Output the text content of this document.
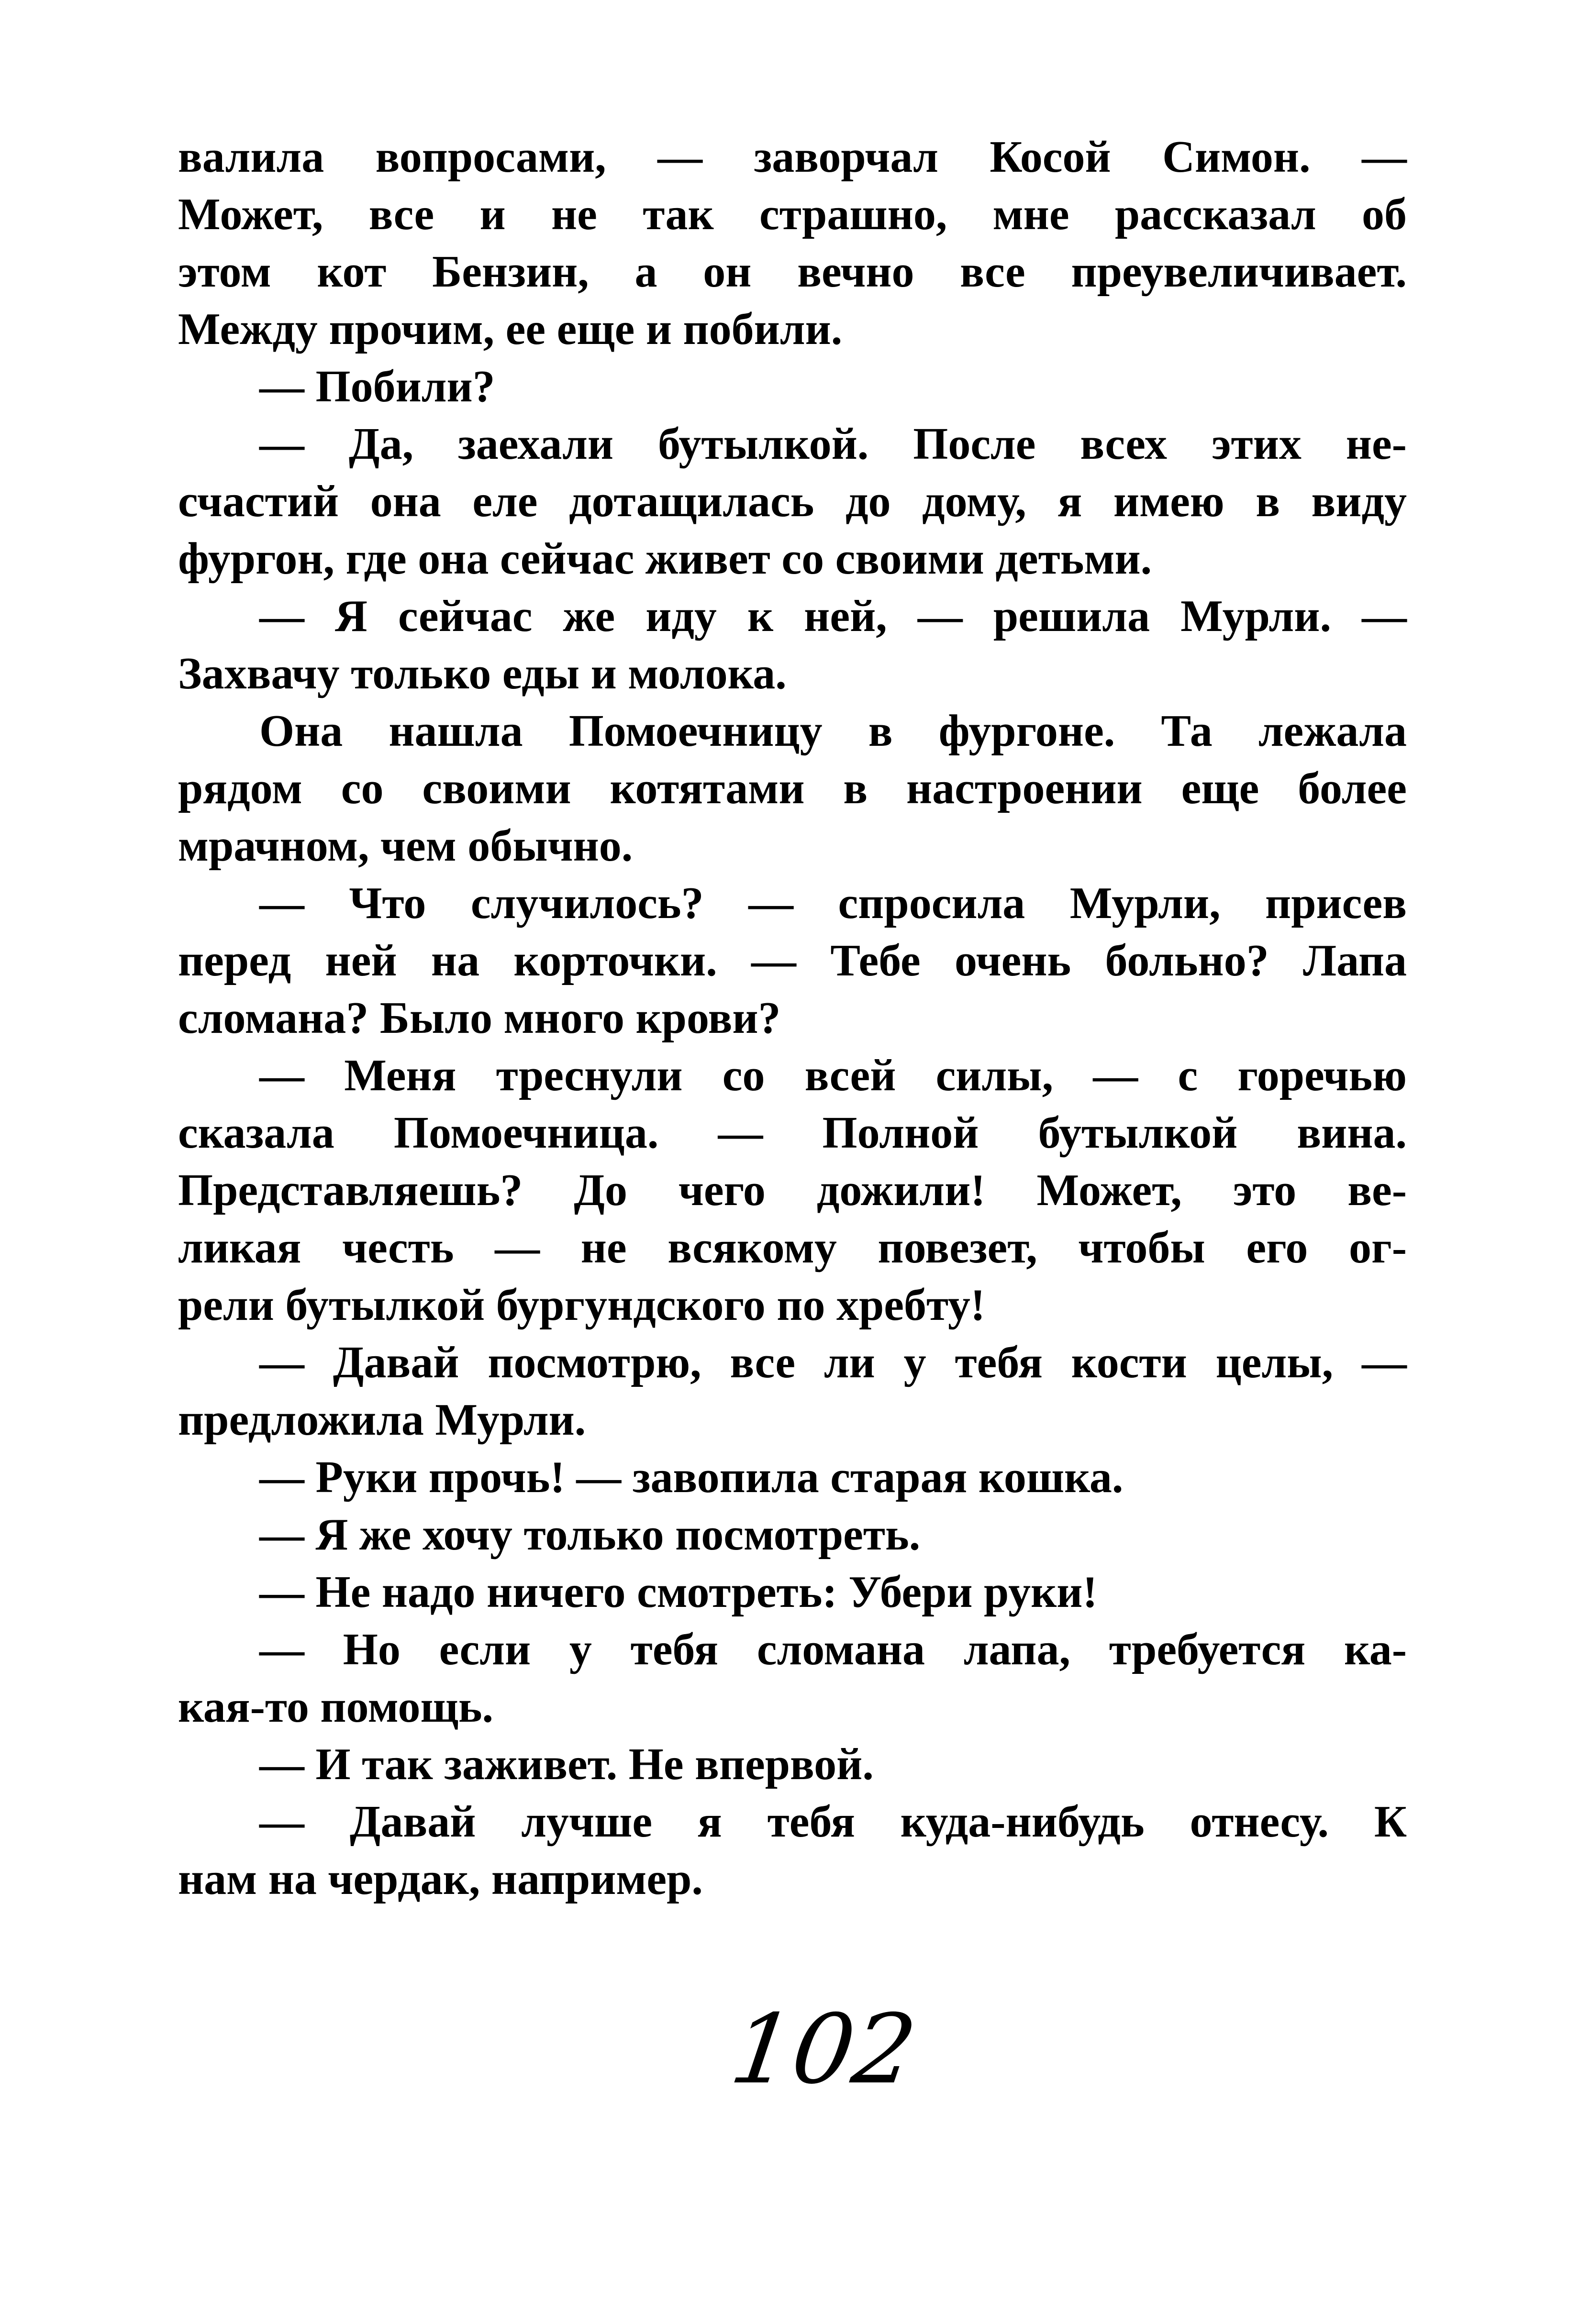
валила вопросами, — заворчал Косой Симон. —
Может, все и не так страшно, мне рассказал об
этом кот Бензин, а он вечно все преувеличивает.
Между прочим, ее еще и побили.
— Побили?
— Да, заехали бутылкой. После всех этих не-
счастий она еле дотащилась до дому, я имею в виду
фургон, где она сейчас живет со своими детьми.
— Я сейчас же иду к ней, — решила Мурли. —
Захвачу только еды и молока.
Она нашла Помоечницу в фургоне. Та лежала
рядом со своими котятами в настроении еще более
мрачном, чем обычно.
— Что случилось? — спросила Мурли, присев
перед ней на корточки. — Тебе очень больно? Лапа
сломана? Было много крови?
— Меня треснули со всей силы, — с горечью
сказала Помоечница. — Полной бутылкой вина.
Представляешь? До чего дожили! Может, это ве-
ликая честь — не всякому повезет, чтобы его ог-
рели бутылкой бургундского по хребту!
— Давай посмотрю, все ли у тебя кости целы, —
предложила Мурли.
— Руки прочь! — завопила старая кошка.
— Я же хочу только посмотреть.
— Не надо ничего смотреть: Убери руки!
— Но если у тебя сломана лапа, требуется ка-
кая-то помощь.
— И так заживет. Не впервой.
— Давай лучше я тебя куда-нибудь отнесу. К
нам на чердак, например.
102
